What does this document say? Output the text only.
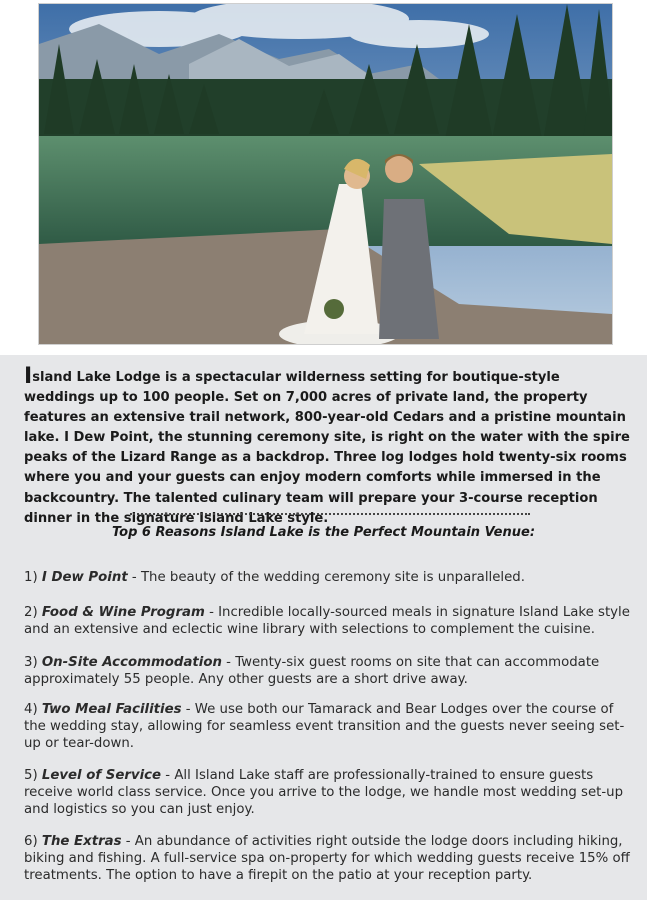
Island Lake Lodge is a spectacular wilderness setting for boutique-style weddings up to 100 people. Set on 7,000 acres of private land, the property features an extensive trail network, 800-year-old Cedars and a pristine mountain lake. I Dew Point, the stunning ceremony site, is right on the water with the spire peaks of the Lizard Range as a backdrop. Three log lodges hold twenty-six rooms where you and your guests can enjoy modern comforts while immersed in the backcountry. The talented culinary team will prepare your 3-course reception dinner in the signature Island Lake style.

Top 6 Reasons Island Lake is the Perfect Mountain Venue:

1) I Dew Point - The beauty of the wedding ceremony site is unparalleled.

2) Food & Wine Program - Incredible locally-sourced meals in signature Island Lake style and an extensive and eclectic wine library with selections to complement the cuisine.

3) On-Site Accommodation - Twenty-six guest rooms on site that can accommodate approximately 55 people. Any other guests are a short drive away.

4) Two Meal Facilities - We use both our Tamarack and Bear Lodges over the course of the wedding stay, allowing for seamless event transition and the guests never seeing set-up or tear-down.

5) Level of Service - All Island Lake staff are professionally-trained to ensure guests receive world class service. Once you arrive to the lodge, we handle most wedding set-up and logistics so you can just enjoy.

6) The Extras - An abundance of activities right outside the lodge doors including hiking, biking and fishing. A full-service spa on-property for which wedding guests receive 15% off treatments. The option to have a firepit on the patio at your reception party.
